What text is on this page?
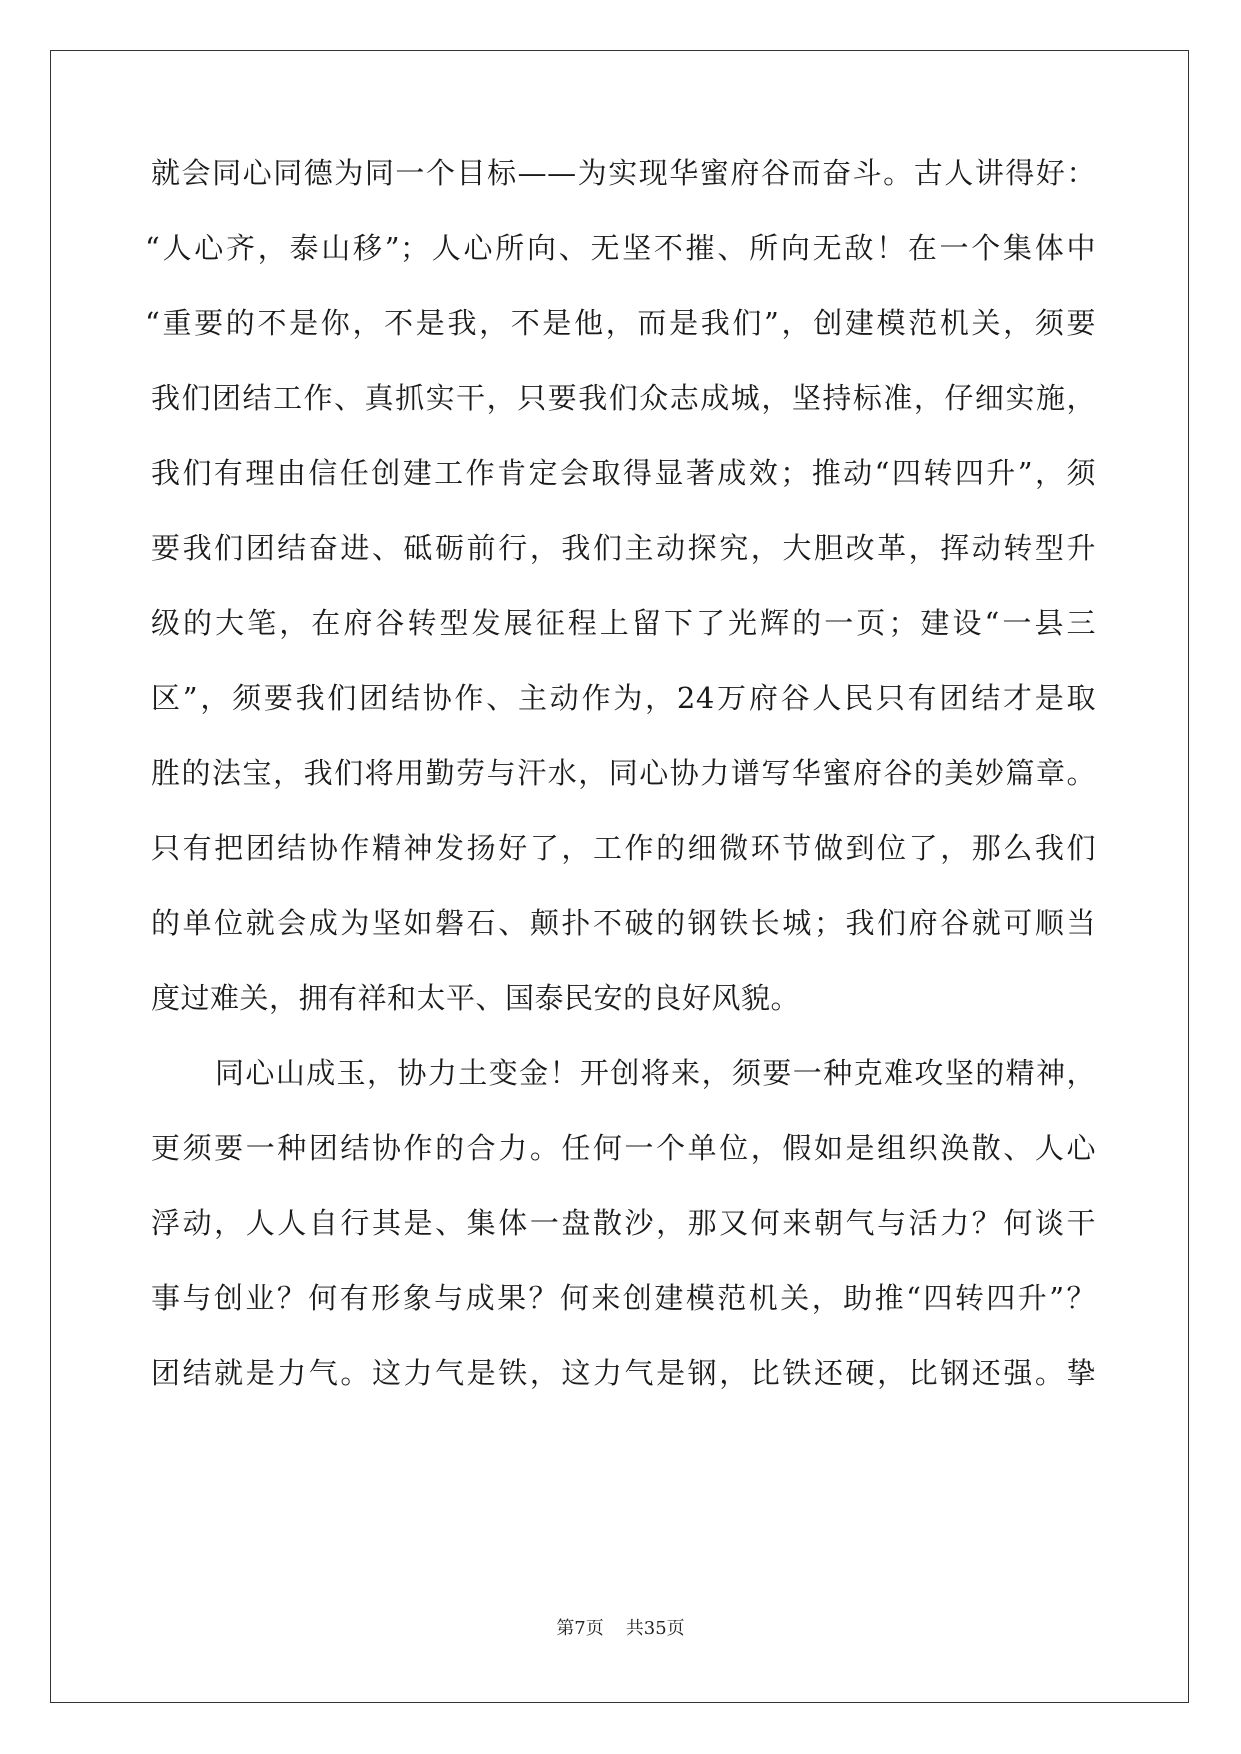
就会同心同德为同一个目标——为实现华蜜府谷而奋斗。古人讲得好：
“人心齐，泰山移”；人心所向、无坚不摧、所向无敌！在一个集体中
“重要的不是你，不是我，不是他，而是我们”，创建模范机关，须要
我们团结工作、真抓实干，只要我们众志成城，坚持标准，仔细实施，
我们有理由信任创建工作肯定会取得显著成效；推动“四转四升”，须
要我们团结奋进、砥砺前行，我们主动探究，大胆改革，挥动转型升
级的大笔，在府谷转型发展征程上留下了光辉的一页；建设“一县三
区”，须要我们团结协作、主动作为，24万府谷人民只有团结才是取
胜的法宝，我们将用勤劳与汗水，同心协力谱写华蜜府谷的美妙篇章。
只有把团结协作精神发扬好了，工作的细微环节做到位了，那么我们
的单位就会成为坚如磐石、颠扑不破的钢铁长城；我们府谷就可顺当
度过难关，拥有祥和太平、国泰民安的良好风貌。
同心山成玉，协力土变金！开创将来，须要一种克难攻坚的精神，
更须要一种团结协作的合力。任何一个单位，假如是组织涣散、人心
浮动，人人自行其是、集体一盘散沙，那又何来朝气与活力？何谈干
事与创业？何有形象与成果？何来创建模范机关，助推“四转四升”？
团结就是力气。这力气是铁，这力气是钢，比铁还硬，比钢还强。挚
第7页 共35页
